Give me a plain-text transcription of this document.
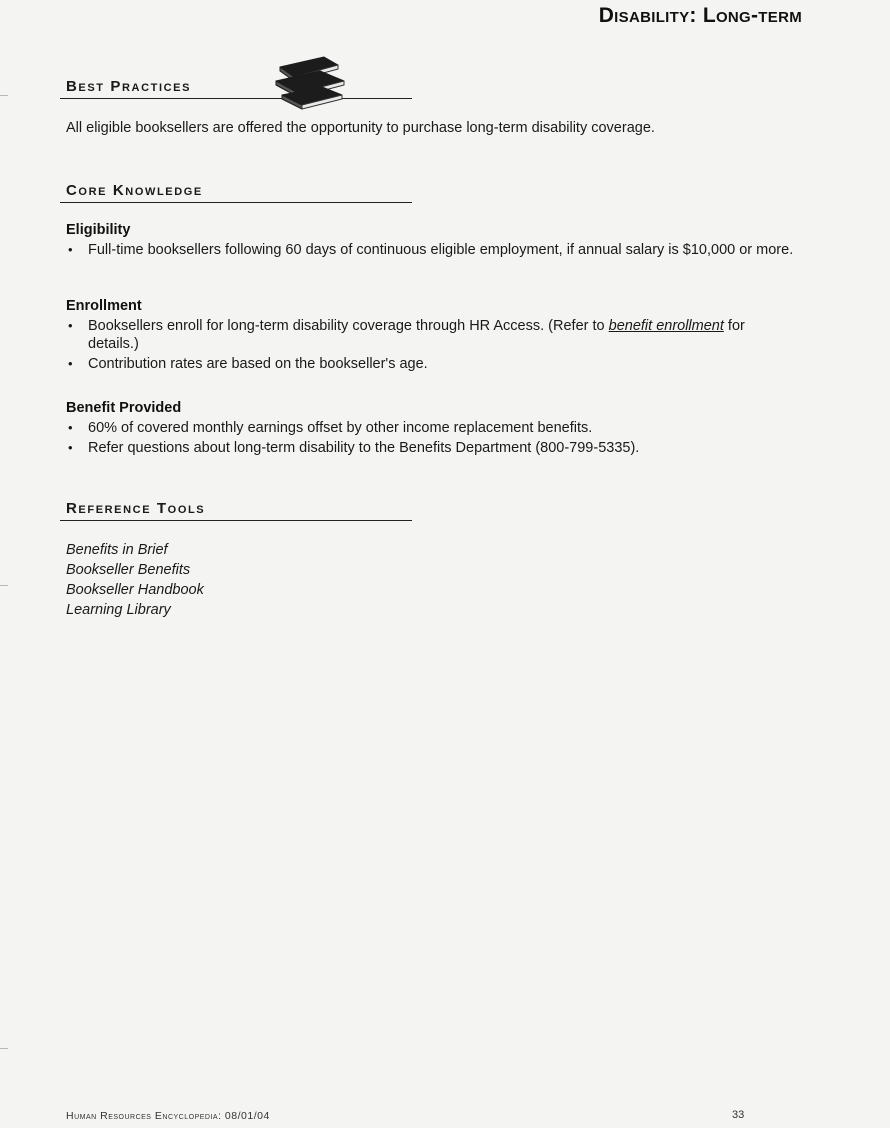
Disability: Long-term
Best Practices
All eligible booksellers are offered the opportunity to purchase long-term disability coverage.
Core Knowledge
Eligibility
• Full-time booksellers following 60 days of continuous eligible employment, if annual salary is $10,000 or more.
Enrollment
• Booksellers enroll for long-term disability coverage through HR Access. (Refer to benefit enrollment for details.)
• Contribution rates are based on the bookseller's age.
Benefit Provided
• 60% of covered monthly earnings offset by other income replacement benefits.
• Refer questions about long-term disability to the Benefits Department (800-799-5335).
Reference Tools
Benefits in Brief
Bookseller Benefits
Bookseller Handbook
Learning Library
Human Resources Encyclopedia: 08/01/04	33
